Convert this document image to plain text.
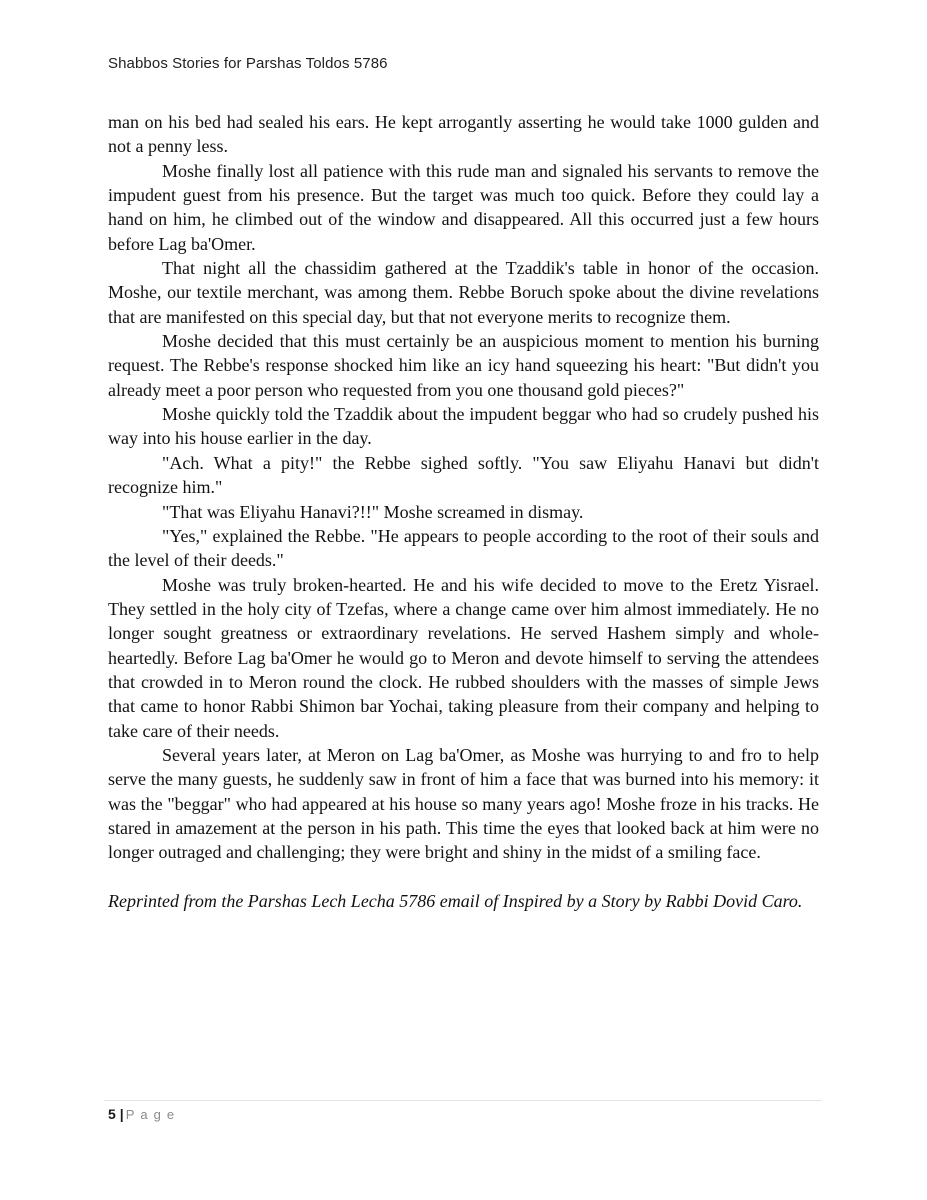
Shabbos Stories for Parshas Toldos 5786

man on his bed had sealed his ears. He kept arrogantly asserting he would take 1000 gulden and not a penny less.

Moshe finally lost all patience with this rude man and signaled his servants to remove the impudent guest from his presence. But the target was much too quick. Before they could lay a hand on him, he climbed out of the window and disappeared. All this occurred just a few hours before Lag ba'Omer.

That night all the chassidim gathered at the Tzaddik's table in honor of the occasion. Moshe, our textile merchant, was among them. Rebbe Boruch spoke about the divine revelations that are manifested on this special day, but that not everyone merits to recognize them.

Moshe decided that this must certainly be an auspicious moment to mention his burning request. The Rebbe's response shocked him like an icy hand squeezing his heart: "But didn't you already meet a poor person who requested from you one thousand gold pieces?"

Moshe quickly told the Tzaddik about the impudent beggar who had so crudely pushed his way into his house earlier in the day.

"Ach. What a pity!" the Rebbe sighed softly. "You saw Eliyahu Hanavi but didn't recognize him."

"That was Eliyahu Hanavi?!!" Moshe screamed in dismay.

"Yes," explained the Rebbe. "He appears to people according to the root of their souls and the level of their deeds."

Moshe was truly broken-hearted. He and his wife decided to move to the Eretz Yisrael. They settled in the holy city of Tzefas, where a change came over him almost immediately. He no longer sought greatness or extraordinary revelations. He served Hashem simply and whole-heartedly. Before Lag ba'Omer he would go to Meron and devote himself to serving the attendees that crowded in to Meron round the clock. He rubbed shoulders with the masses of simple Jews that came to honor Rabbi Shimon bar Yochai, taking pleasure from their company and helping to take care of their needs.

Several years later, at Meron on Lag ba'Omer, as Moshe was hurrying to and fro to help serve the many guests, he suddenly saw in front of him a face that was burned into his memory: it was the "beggar" who had appeared at his house so many years ago! Moshe froze in his tracks. He stared in amazement at the person in his path. This time the eyes that looked back at him were no longer outraged and challenging; they were bright and shiny in the midst of a smiling face.

Reprinted from the Parshas Lech Lecha 5786 email of Inspired by a Story by Rabbi Dovid Caro.

5 | Page
